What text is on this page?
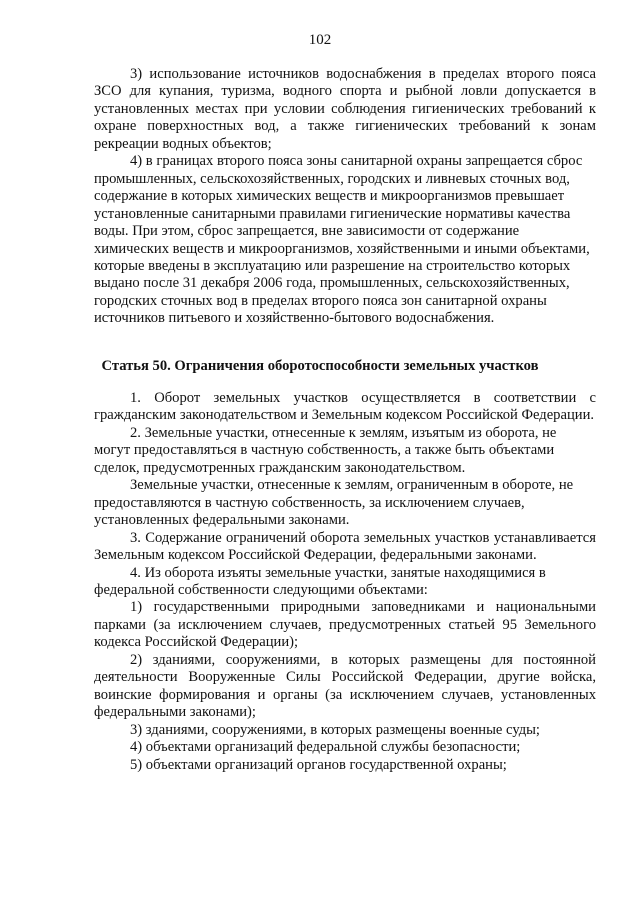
102

3) использование источников водоснабжения в пределах второго пояса ЗСО для купания, туризма, водного спорта и рыбной ловли допускается в установленных местах при условии соблюдения гигиенических требований к охране поверхностных вод, а также гигиенических требований к зонам рекреации водных объектов;

4) в границах второго пояса зоны санитарной охраны запрещается сброс промышленных, сельскохозяйственных, городских и ливневых сточных вод, содержание в которых химических веществ и микроорганизмов превышает установленные санитарными правилами гигиенические нормативы качества воды. При этом, сброс запрещается, вне зависимости от содержание химических веществ и микроорганизмов, хозяйственными и иными объектами, которые введены в эксплуатацию или разрешение на строительство которых выдано после 31 декабря 2006 года, промышленных, сельскохозяйственных, городских сточных вод в пределах второго пояса зон санитарной охраны источников питьевого и хозяйственно-бытового водоснабжения.

Статья 50. Ограничения оборотоспособности земельных участков

1. Оборот земельных участков осуществляется в соответствии с гражданским законодательством и Земельным кодексом Российской Федерации.

2. Земельные участки, отнесенные к землям, изъятым из оборота, не могут предоставляться в частную собственность, а также быть объектами сделок, предусмотренных гражданским законодательством.

Земельные участки, отнесенные к землям, ограниченным в обороте, не предоставляются в частную собственность, за исключением случаев, установленных федеральными законами.

3. Содержание ограничений оборота земельных участков устанавливается Земельным кодексом Российской Федерации, федеральными законами.

4. Из оборота изъяты земельные участки, занятые находящимися в федеральной собственности следующими объектами:

1) государственными природными заповедниками и национальными парками (за исключением случаев, предусмотренных статьей 95 Земельного кодекса Российской Федерации);

2) зданиями, сооружениями, в которых размещены для постоянной деятельности Вооруженные Силы Российской Федерации, другие войска, воинские формирования и органы (за исключением случаев, установленных федеральными законами);

3) зданиями, сооружениями, в которых размещены военные суды;

4) объектами организаций федеральной службы безопасности;

5) объектами организаций органов государственной охраны;
